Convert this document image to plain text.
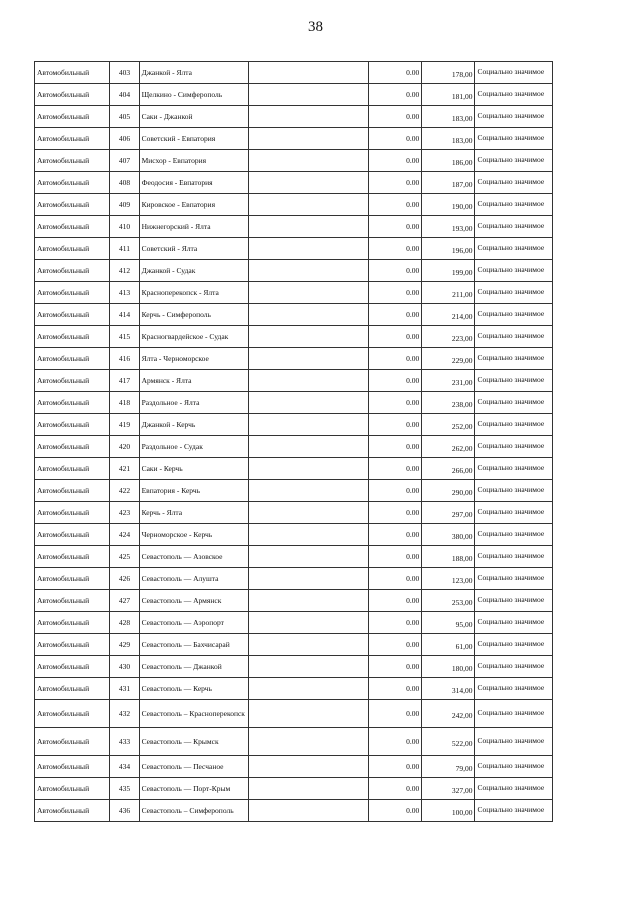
38
Автомобильный	403	Джанкой - Ялта		0.00	178,00	Социально значимое
Автомобильный	404	Щелкино - Симферополь		0.00	181,00	Социально значимое
Автомобильный	405	Саки - Джанкой		0.00	183,00	Социально значимое
Автомобильный	406	Советский - Евпатория		0.00	183,00	Социально значимое
Автомобильный	407	Мисхор - Евпатория		0.00	186,00	Социально значимое
Автомобильный	408	Феодосия - Евпатория		0.00	187,00	Социально значимое
Автомобильный	409	Кировское - Евпатория		0.00	190,00	Социально значимое
Автомобильный	410	Нижнегорский - Ялта		0.00	193,00	Социально значимое
Автомобильный	411	Советский - Ялта		0.00	196,00	Социально значимое
Автомобильный	412	Джанкой - Судак		0.00	199,00	Социально значимое
Автомобильный	413	Красноперекопск - Ялта		0.00	211,00	Социально значимое
Автомобильный	414	Керчь - Симферополь		0.00	214,00	Социально значимое
Автомобильный	415	Красногвардейское - Судак		0.00	223,00	Социально значимое
Автомобильный	416	Ялта - Черноморское		0.00	229,00	Социально значимое
Автомобильный	417	Армянск - Ялта		0.00	231,00	Социально значимое
Автомобильный	418	Раздольное - Ялта		0.00	238,00	Социально значимое
Автомобильный	419	Джанкой - Керчь		0.00	252,00	Социально значимое
Автомобильный	420	Раздольное - Судак		0.00	262,00	Социально значимое
Автомобильный	421	Саки - Керчь		0.00	266,00	Социально значимое
Автомобильный	422	Евпатория - Керчь		0.00	290,00	Социально значимое
Автомобильный	423	Керчь - Ялта		0.00	297,00	Социально значимое
Автомобильный	424	Черноморское - Керчь		0.00	380,00	Социально значимое
Автомобильный	425	Севастополь — Азовское		0.00	188,00	Социально значимое
Автомобильный	426	Севастополь — Алушта		0.00	123,00	Социально значимое
Автомобильный	427	Севастополь — Армянск		0.00	253,00	Социально значимое
Автомобильный	428	Севастополь — Аэропорт		0.00	95,00	Социально значимое
Автомобильный	429	Севастополь — Бахчисарай		0.00	61,00	Социально значимое
Автомобильный	430	Севастополь — Джанкой		0.00	180,00	Социально значимое
Автомобильный	431	Севастополь — Керчь		0.00	314,00	Социально значимое
Автомобильный	432	Севастополь – Красноперекопск		0.00	242,00	Социально значимое
Автомобильный	433	Севастополь — Крымск		0.00	522,00	Социально значимое
Автомобильный	434	Севастополь — Песчаное		0.00	79,00	Социально значимое
Автомобильный	435	Севастополь — Порт-Крым		0.00	327,00	Социально значимое
Автомобильный	436	Севастополь – Симферополь		0.00	100,00	Социально значимое
